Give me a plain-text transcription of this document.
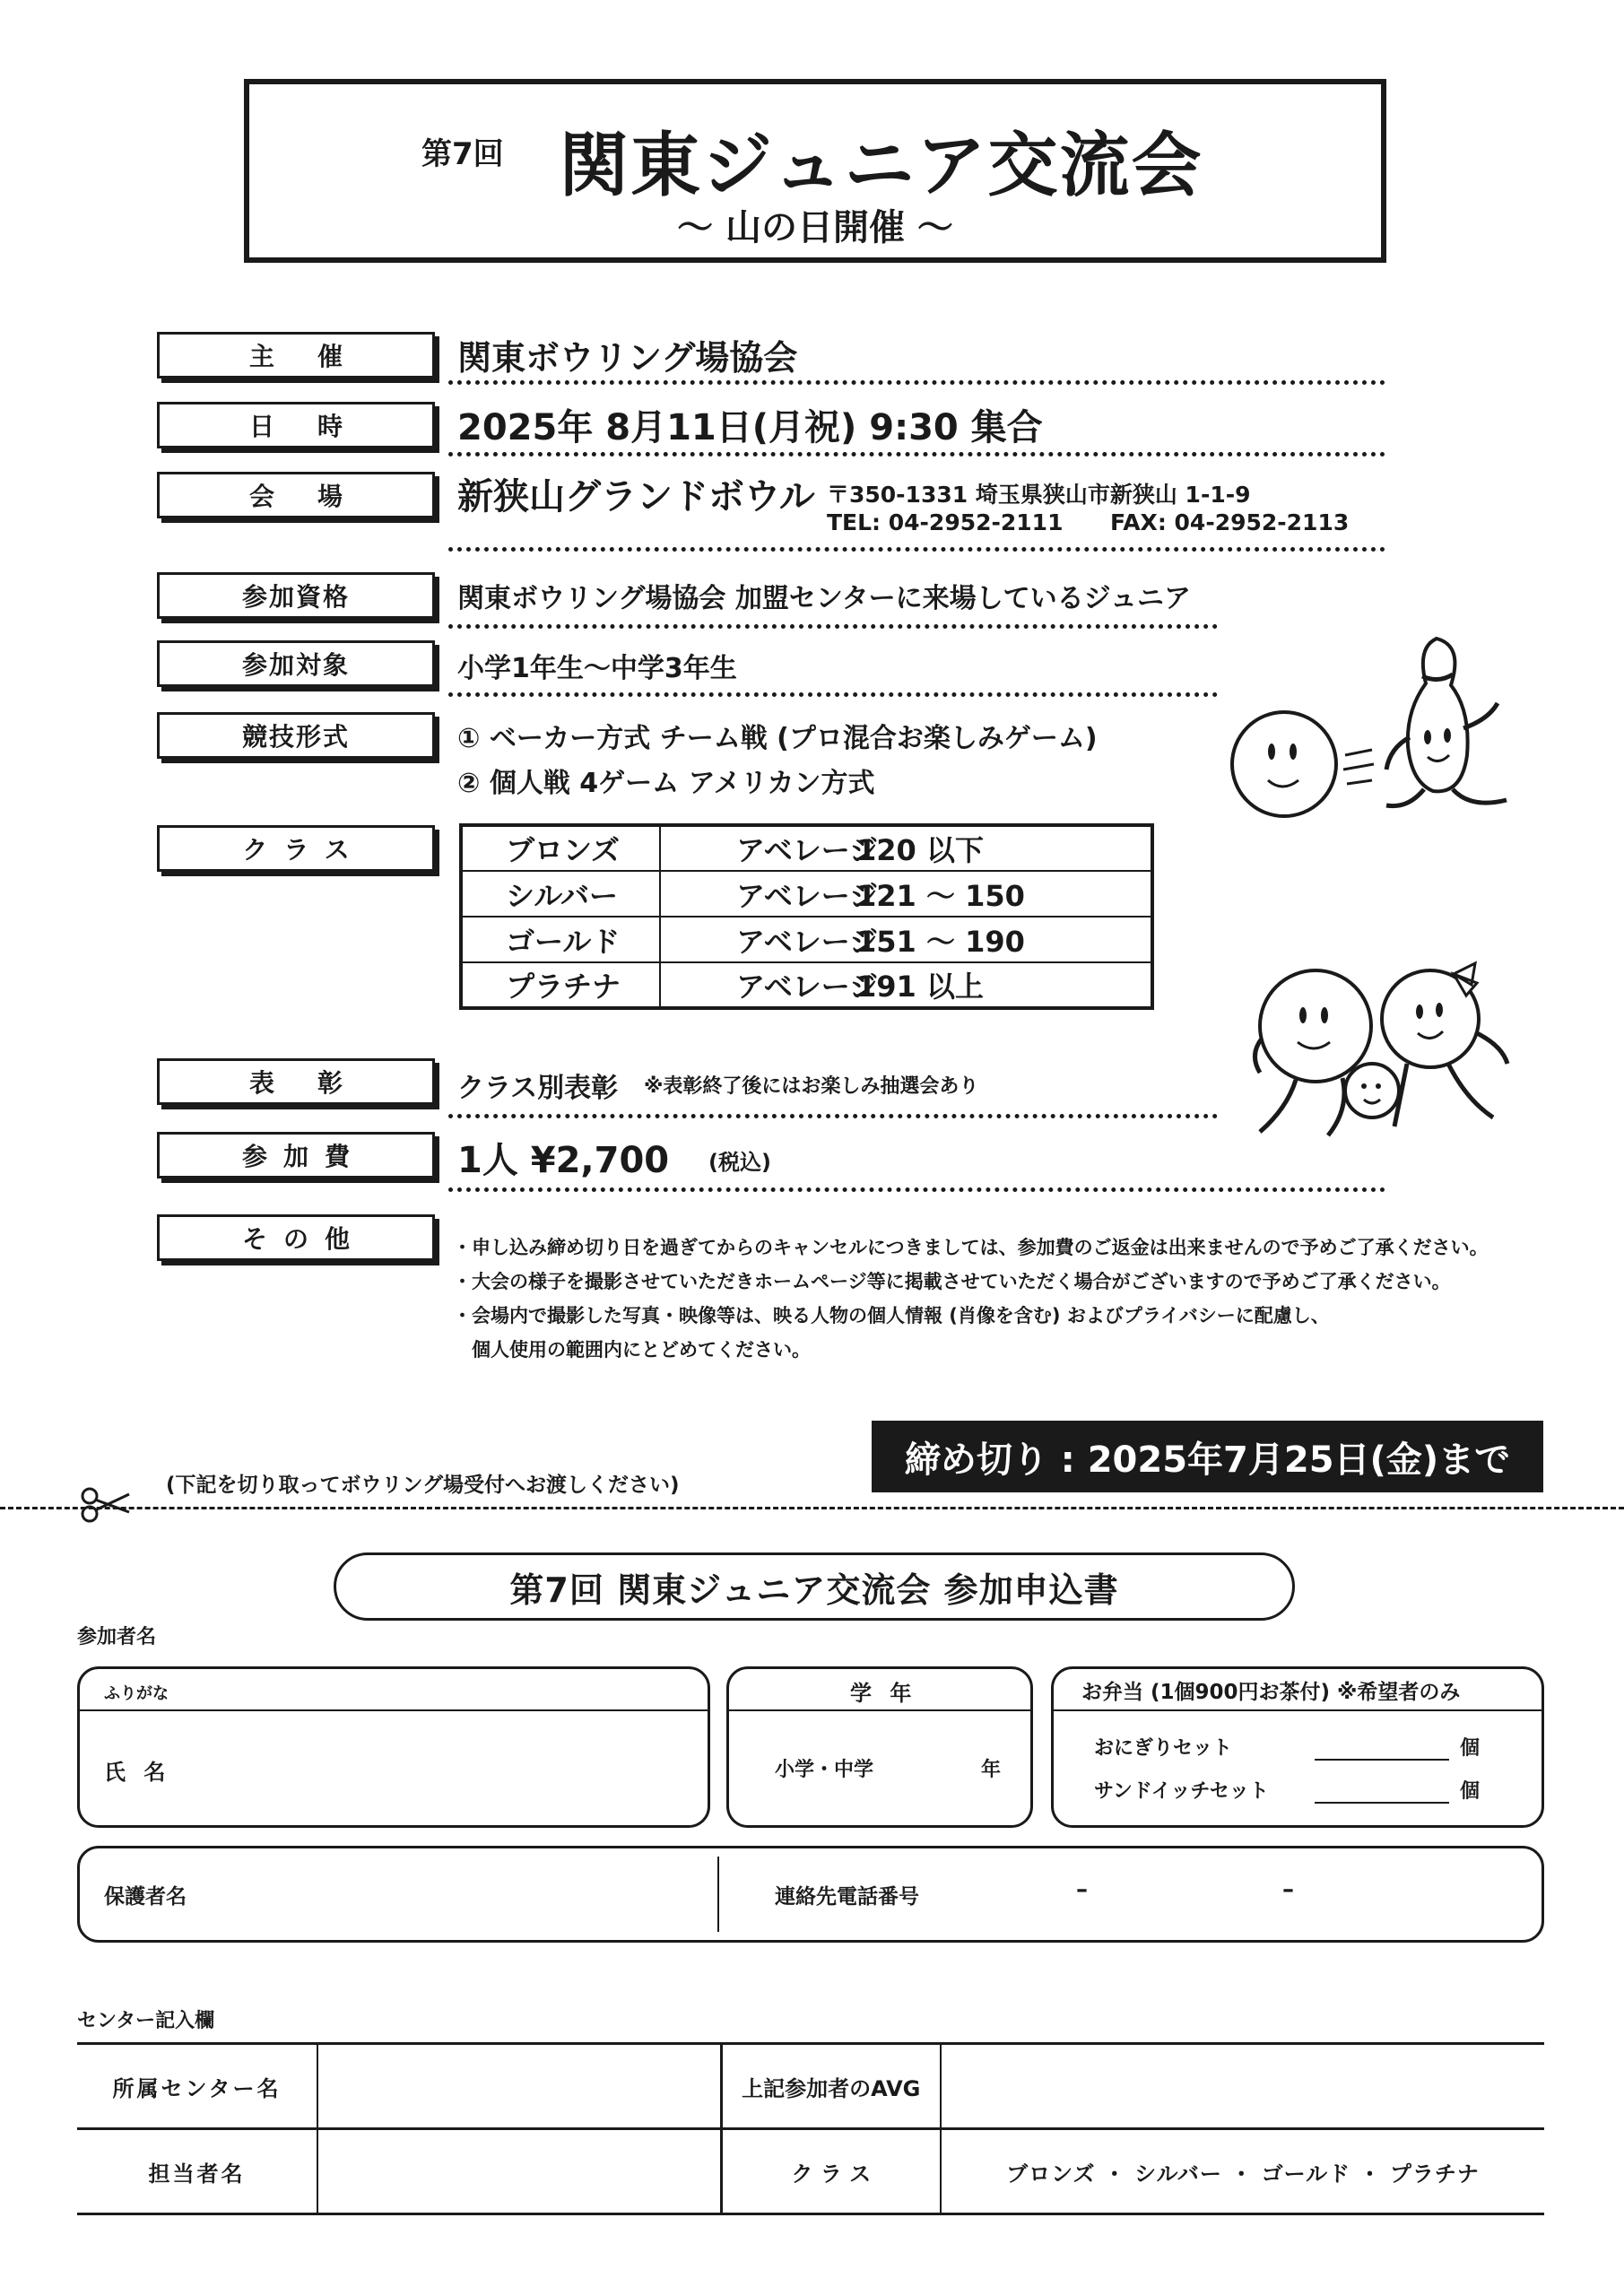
第7回 関東ジュニア交流会
～ 山の日開催 ～
主催	関東ボウリング場協会
日時	2025年 8月11日(月祝) 9:30 集合
会場	新狭山グランドボウル 〒350-1331 埼玉県狭山市新狭山 1-1-9
TEL: 04-2952-2111 FAX: 04-2952-2113
参加資格	関東ボウリング場協会 加盟センターに来場しているジュニア
参加対象	小学1年生～中学3年生
競技形式	① ベーカー方式 チーム戦 (プロ混合お楽しみゲーム)
② 個人戦 4ゲーム アメリカン方式
クラス	ブロンズ	アベレージ120 以下
シルバー	アベレージ121 ～ 150
ゴールド	アベレージ151 ～ 190
プラチナ	アベレージ191 以上
表彰	クラス別表彰 ※表彰終了後にはお楽しみ抽選会あり
参加費	1人 ¥2,700 (税込)
その他	・申し込み締め切り日を過ぎてからのキャンセルにつきましては、参加費のご返金は出来ませんので予めご了承ください。
・大会の様子を撮影させていただきホームページ等に掲載させていただく場合がございますので予めご了承ください。
・会場内で撮影した写真・映像等は、映る人物の個人情報 (肖像を含む) およびプライバシーに配慮し、
　個人使用の範囲内にとどめてください。
締め切り : 2025年7月25日(金)まで
(下記を切り取ってボウリング場受付へお渡しください)
第7回 関東ジュニア交流会 参加申込書
参加者名
ふりがな
氏 名
学 年
小学・中学	年
お弁当 (1個900円お茶付) ※希望者のみ
おにぎりセット	個
サンドイッチセット	個
保護者名	連絡先電話番号	–	–
センター記入欄
所属センター名		上記参加者のAVG	
担当者名		ク ラ ス	ブロンズ ・ シルバー ・ ゴールド ・ プラチナ
